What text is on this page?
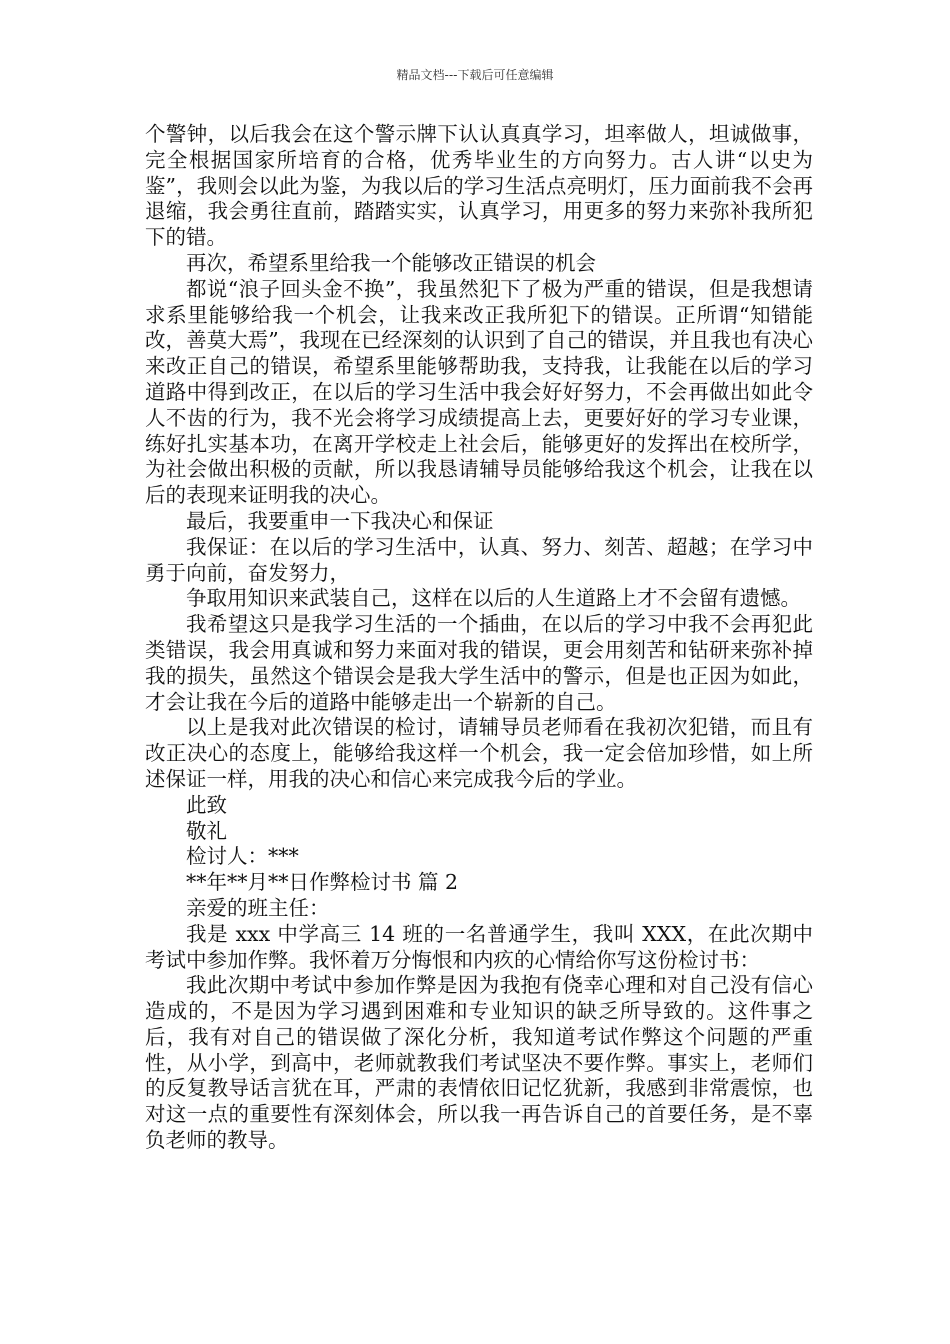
精品文档---下载后可任意编辑

个警钟，以后我会在这个警示牌下认认真真学习，坦率做人，坦诚做事，完全根据国家所培育的合格，优秀毕业生的方向努力。古人讲“以史为鉴”，我则会以此为鉴，为我以后的学习生活点亮明灯，压力面前我不会再退缩，我会勇往直前，踏踏实实，认真学习，用更多的努力来弥补我所犯下的错。

再次，希望系里给我一个能够改正错误的机会

都说“浪子回头金不换”，我虽然犯下了极为严重的错误，但是我想请求系里能够给我一个机会，让我来改正我所犯下的错误。正所谓“知错能改，善莫大焉”，我现在已经深刻的认识到了自己的错误，并且我也有决心来改正自己的错误，希望系里能够帮助我，支持我，让我能在以后的学习道路中得到改正，在以后的学习生活中我会好好努力，不会再做出如此令人不齿的行为，我不光会将学习成绩提高上去，更要好好的学习专业课，练好扎实基本功，在离开学校走上社会后，能够更好的发挥出在校所学，为社会做出积极的贡献，所以我恳请辅导员能够给我这个机会，让我在以后的表现来证明我的决心。

最后，我要重申一下我决心和保证

我保证：在以后的学习生活中，认真、努力、刻苦、超越；在学习中勇于向前，奋发努力，

争取用知识来武装自己，这样在以后的人生道路上才不会留有遗憾。

我希望这只是我学习生活的一个插曲，在以后的学习中我不会再犯此类错误，我会用真诚和努力来面对我的错误，更会用刻苦和钻研来弥补掉我的损失，虽然这个错误会是我大学生活中的警示，但是也正因为如此，才会让我在今后的道路中能够走出一个崭新的自己。

以上是我对此次错误的检讨，请辅导员老师看在我初次犯错，而且有改正决心的态度上，能够给我这样一个机会，我一定会倍加珍惜，如上所述保证一样，用我的决心和信心来完成我今后的学业。

此致

敬礼

检讨人：***

**年**月**日作弊检讨书 篇 2

亲爱的班主任：

我是 xxx 中学高三 14 班的一名普通学生，我叫 XXX，在此次期中考试中参加作弊。我怀着万分悔恨和内疚的心情给你写这份检讨书：

我此次期中考试中参加作弊是因为我抱有侥幸心理和对自己没有信心造成的，不是因为学习遇到困难和专业知识的缺乏所导致的。这件事之后，我有对自己的错误做了深化分析，我知道考试作弊这个问题的严重性，从小学，到高中，老师就教我们考试坚决不要作弊。事实上，老师们的反复教导话言犹在耳，严肃的表情依旧记忆犹新，我感到非常震惊，也对这一点的重要性有深刻体会，所以我一再告诉自己的首要任务，是不辜负老师的教导。
